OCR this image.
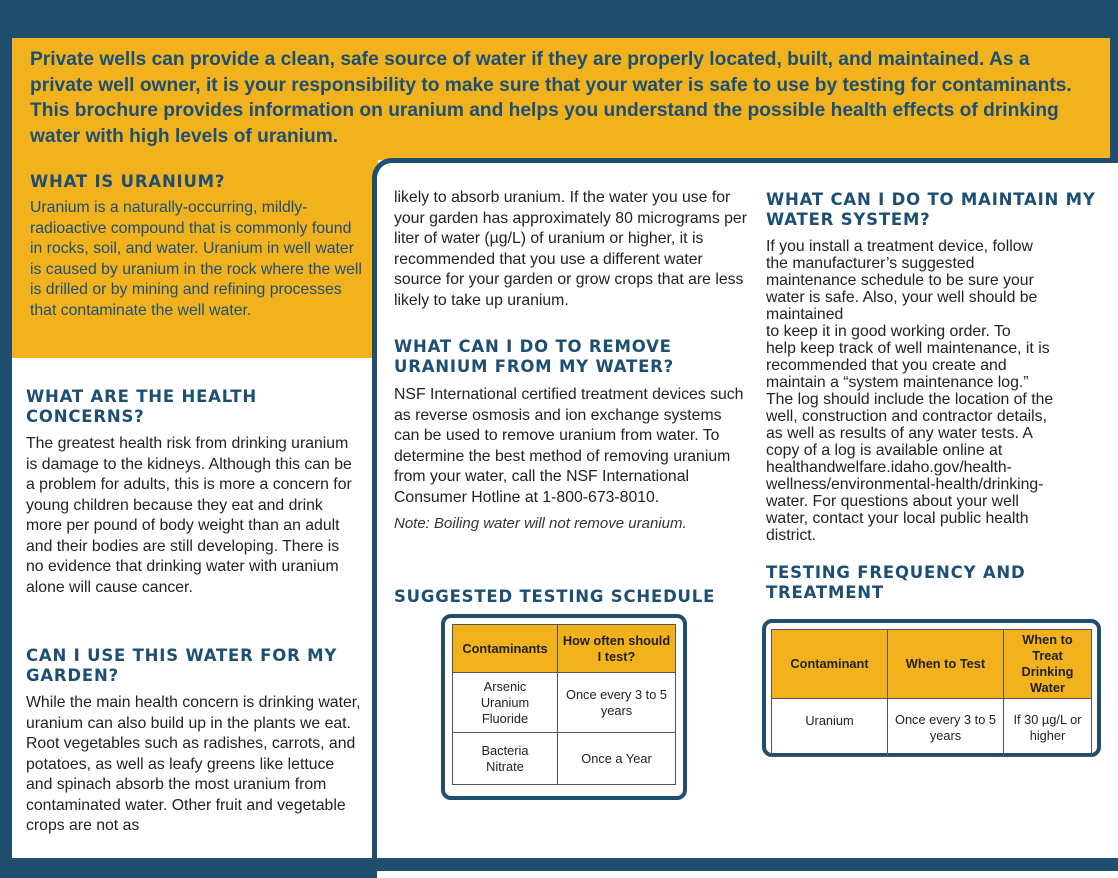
Private wells can provide a clean, safe source of water if they are properly located, built, and maintained. As a private well owner, it is your responsibility to make sure that your water is safe to use by testing for contaminants. This brochure provides information on uranium and helps you understand the possible health effects of drinking water with high levels of uranium.
WHAT IS URANIUM?
Uranium is a naturally-occurring, mildly-radioactive compound that is commonly found in rocks, soil, and water. Uranium in well water is caused by uranium in the rock where the well is drilled or by mining and refining processes that contaminate the well water.
WHAT ARE THE HEALTH CONCERNS?
The greatest health risk from drinking uranium is damage to the kidneys. Although this can be a problem for adults, this is more a concern for young children because they eat and drink more per pound of body weight than an adult and their bodies are still developing. There is no evidence that drinking water with uranium alone will cause cancer.
CAN I USE THIS WATER FOR MY GARDEN?
While the main health concern is drinking water, uranium can also build up in the plants we eat. Root vegetables such as radishes, carrots, and potatoes, as well as leafy greens like lettuce and spinach absorb the most uranium from contaminated water. Other fruit and vegetable crops are not as
likely to absorb uranium. If the water you use for your garden has approximately 80 micrograms per liter of water (µg/L) of uranium or higher, it is recommended that you use a different water source for your garden or grow crops that are less likely to take up uranium.
WHAT CAN I DO TO REMOVE URANIUM FROM MY WATER?
NSF International certified treatment devices such as reverse osmosis and ion exchange systems can be used to remove uranium from water. To determine the best method of removing uranium from your water, call the NSF International Consumer Hotline at 1-800-673-8010.
Note: Boiling water will not remove uranium.
SUGGESTED TESTING SCHEDULE
Contaminants	How often should I test?
Arsenic
Uranium
Fluoride	Once every 3 to 5 years
Bacteria
Nitrate	Once a Year
WHAT CAN I DO TO MAINTAIN MY WATER SYSTEM?
If you install a treatment device, follow
the manufacturer’s suggested
maintenance schedule to be sure your
water is safe. Also, your well should be
maintained
to keep it in good working order. To
help keep track of well maintenance, it is
recommended that you create and
maintain a “system maintenance log.”
The log should include the location of the
well, construction and contractor details,
as well as results of any water tests. A
copy of a log is available online at
healthandwelfare.idaho.gov/health-
wellness/environmental-health/drinking-
water. For questions about your well
water, contact your local public health
district.
TESTING FREQUENCY AND TREATMENT
Contaminant	When to Test	When to Treat Drinking Water
Uranium	Once every 3 to 5 years	If 30 µg/L or higher
